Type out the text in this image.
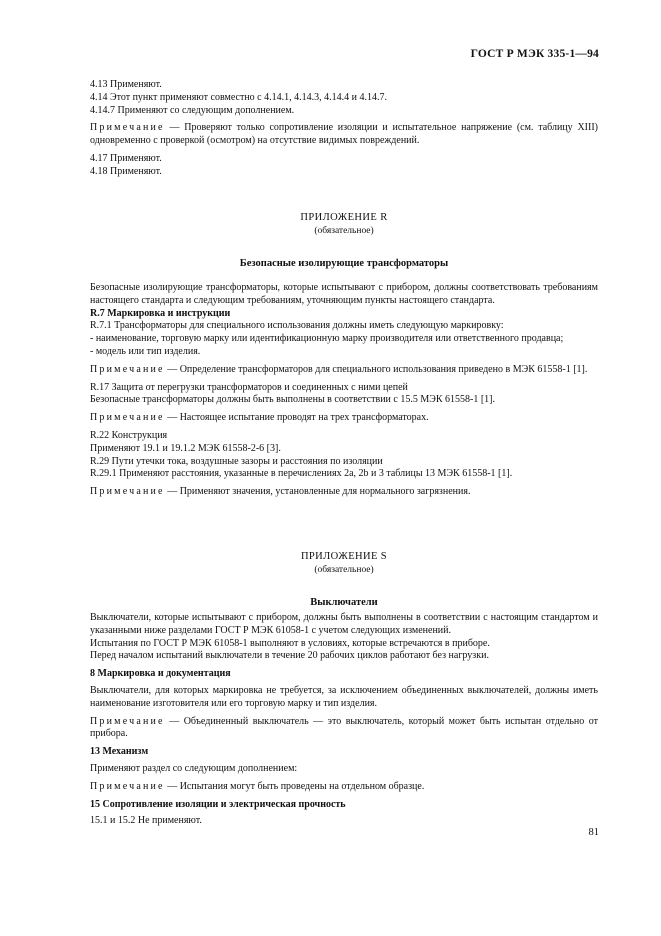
ГОСТ Р МЭК 335-1—94

4.13 Применяют.

4.14 Этот пункт применяют совместно с 4.14.1, 4.14.3, 4.14.4 и 4.14.7.

4.14.7 Применяют со следующим дополнением.

Примечание — Проверяют только сопротивление изоляции и испытательное напряжение (см. таблицу XIII) одновременно с проверкой (осмотром) на отсутствие видимых повреждений.

4.17 Применяют.

4.18 Применяют.

ПРИЛОЖЕНИЕ R
(обязательное)
Безопасные изолирующие трансформаторы

Безопасные изолирующие трансформаторы, которые испытывают с прибором, должны соответствовать требованиям настоящего стандарта и следующим требованиям, уточняющим пункты настоящего стандарта.

R.7 Маркировка и инструкции

R.7.1 Трансформаторы для специального использования должны иметь следующую маркировку:

- наименование, торговую марку или идентификационную марку производителя или ответственного продавца;

- модель или тип изделия.

Примечание — Определение трансформаторов для специального использования приведено в МЭК 61558-1 [1].

R.17 Защита от перегрузки трансформаторов и соединенных с ними цепей

Безопасные трансформаторы должны быть выполнены в соответствии с 15.5 МЭК 61558-1 [1].

Примечание — Настоящее испытание проводят на трех трансформаторах.

R.22 Конструкция

Применяют 19.1 и 19.1.2 МЭК 61558-2-6 [3].

R.29 Пути утечки тока, воздушные зазоры и расстояния по изоляции

R.29.1 Применяют расстояния, указанные в перечислениях 2а, 2b и 3 таблицы 13 МЭК 61558-1 [1].

Примечание — Применяют значения, установленные для нормального загрязнения.

ПРИЛОЖЕНИЕ S
(обязательное)
Выключатели

Выключатели, которые испытывают с прибором, должны быть выполнены в соответствии с настоящим стандартом и указанными ниже разделами ГОСТ Р МЭК 61058-1 с учетом следующих изменений.

Испытания по ГОСТ Р МЭК 61058-1 выполняют в условиях, которые встречаются в приборе.

Перед началом испытаний выключатели в течение 20 рабочих циклов работают без нагрузки.

8 Маркировка и документация

Выключатели, для которых маркировка не требуется, за исключением объединенных выключателей, должны иметь наименование изготовителя или его торговую марку и тип изделия.

Примечание — Объединенный выключатель — это выключатель, который может быть испытан отдельно от прибора.

13 Механизм

Применяют раздел со следующим дополнением:

Примечание — Испытания могут быть проведены на отдельном образце.

15 Сопротивление изоляции и электрическая прочность

15.1 и 15.2 Не применяют.

81
